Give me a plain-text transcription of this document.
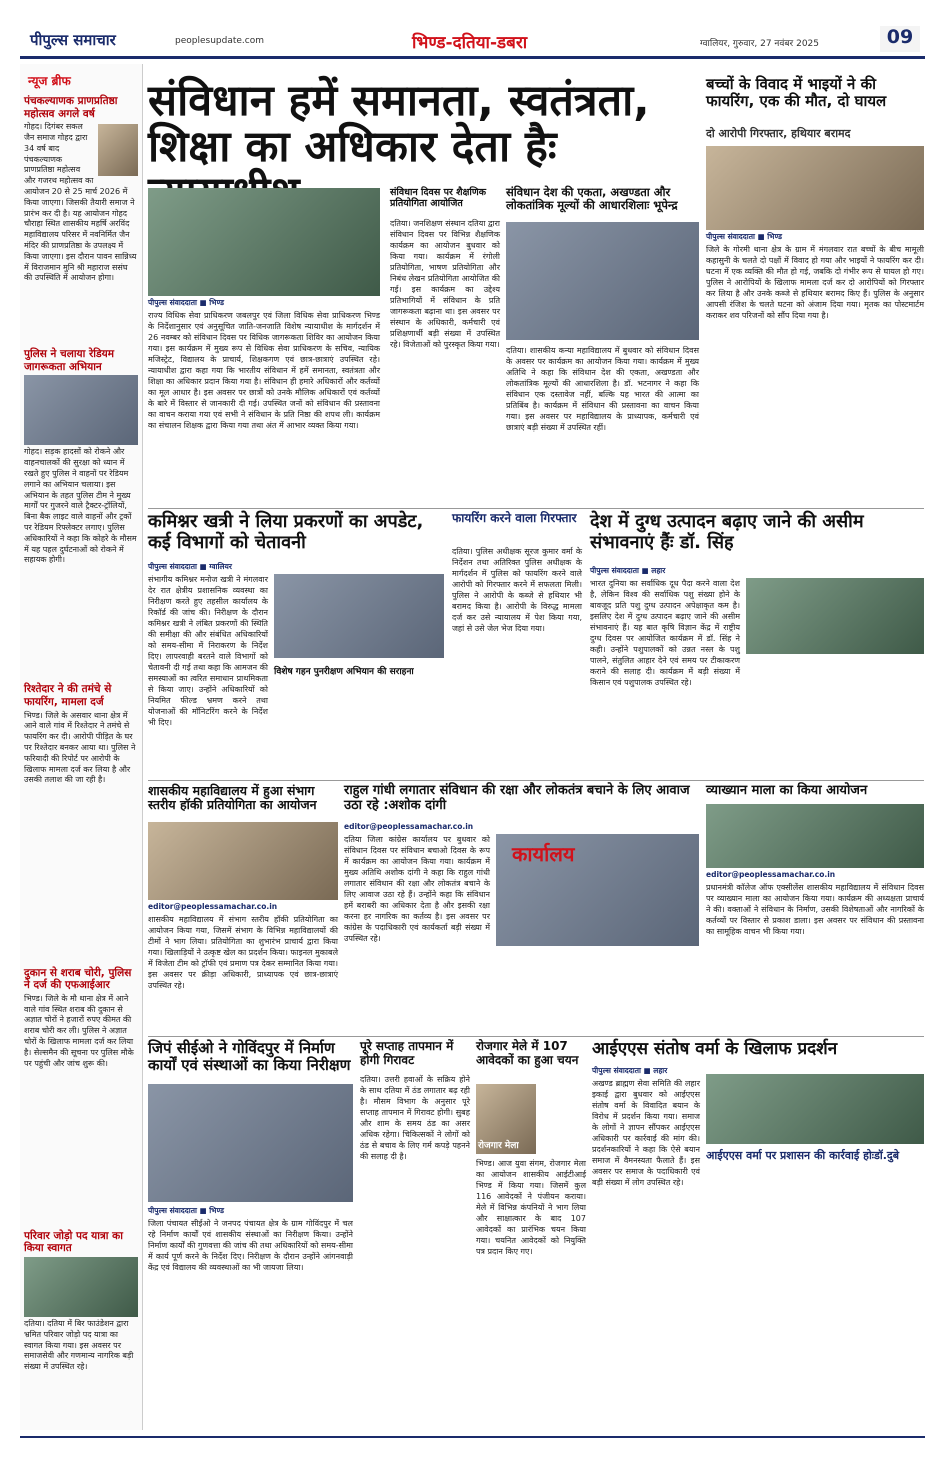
पीपुल्स समाचार	peoplesupdate.com	भिण्ड-दतिया-डबरा	ग्वालियर, गुरुवार, 27 नवंबर 2025	09
न्यूज ब्रीफ
पंचकल्याणक प्राणप्रतिष्ठा महोत्सव अगले वर्ष
गोहद। दिगंबर सकल जैन समाज गोहद द्वारा 34 वर्ष बाद पंचकल्याणक प्राणप्रतिष्ठा महोत्सव और गजरथ महोत्सव का आयोजन 20 से 25 मार्च 2026 में किया जाएगा। जिसकी तैयारी समाज ने प्रारंभ कर दी है। यह आयोजन गोहद चौराहा स्थित शासकीय महर्षि अरविंद महाविद्यालय परिसर में नवनिर्मित जैन मंदिर की प्राणप्रतिष्ठा के उपलक्ष्य में किया जाएगा। इस दौरान पावन सान्निध्य में विराजमान मुनि श्री महाराज ससंघ की उपस्थिति में आयोजन होगा।
पुलिस ने चलाया रेडियम जागरूकता अभियान
गोहद। सड़क हादसों को रोकने और वाहनचालकों की सुरक्षा को ध्यान में रखते हुए पुलिस ने वाहनों पर रेडियम लगाने का अभियान चलाया। इस अभियान के तहत पुलिस टीम ने मुख्य मार्गों पर गुजरने वाले ट्रैक्टर-ट्रॉलियों, बिना बैक लाइट वाले वाहनों और ट्रकों पर रेडियम रिफ्लेक्टर लगाए। पुलिस अधिकारियों ने कहा कि कोहरे के मौसम में यह पहल दुर्घटनाओं को रोकने में सहायक होगी।
रिश्तेदार ने की तमंचे से फायरिंग, मामला दर्ज
भिण्ड। जिले के असवार थाना क्षेत्र में आने वाले गांव में रिश्तेदार ने तमंचे से फायरिंग कर दी। आरोपी पीड़ित के घर पर रिश्तेदार बनकर आया था। पुलिस ने फरियादी की रिपोर्ट पर आरोपी के खिलाफ मामला दर्ज कर लिया है और उसकी तलाश की जा रही है।
दुकान से शराब चोरी, पुलिस ने दर्ज की एफआईआर
भिण्ड। जिले के मौ थाना क्षेत्र में आने वाले गांव स्थित शराब की दुकान से अज्ञात चोरों ने हजारों रुपए कीमत की शराब चोरी कर ली। पुलिस ने अज्ञात चोरों के खिलाफ मामला दर्ज कर लिया है। सेल्समैन की सूचना पर पुलिस मौके पर पहुंची और जांच शुरू की।
परिवार जोड़ो पद यात्रा का किया स्वागत
दतिया। दतिया में बिर फाउंडेशन द्वारा भ्रमित परिवार जोड़ो पद यात्रा का स्वागत किया गया। इस अवसर पर समाजसेवी और गणमान्य नागरिक बड़ी संख्या में उपस्थित रहे।
संविधान हमें समानता, स्वतंत्रता, शिक्षा का अधिकार देता हैः
पीपुल्स संवाददाता ■ भिण्ड
राज्य विधिक सेवा प्राधिकरण जबलपुर एवं जिला विधिक सेवा प्राधिकरण भिण्ड के निर्देशानुसार एवं अनुसूचित जाति-जनजाति विशेष न्यायाधीश के मार्गदर्शन में 26 नवम्बर को संविधान दिवस पर विधिक जागरूकता शिविर का आयोजन किया गया। इस कार्यक्रम में मुख्य रूप से विधिक सेवा प्राधिकरण के सचिव, न्यायिक मजिस्ट्रेट, विद्यालय के प्राचार्य, शिक्षकगण एवं छात्र-छात्राएं उपस्थित रहे। न्यायाधीश द्वारा कहा गया कि भारतीय संविधान में हमें समानता, स्वतंत्रता और शिक्षा का अधिकार प्रदान किया गया है। संविधान ही हमारे अधिकारों और कर्तव्यों का मूल आधार है। इस अवसर पर छात्रों को उनके मौलिक अधिकारों एवं कर्तव्यों के बारे में विस्तार से जानकारी दी गई। उपस्थित जनों को संविधान की प्रस्तावना का वाचन कराया गया एवं सभी ने संविधान के प्रति निष्ठा की शपथ ली। कार्यक्रम का संचालन शिक्षक द्वारा किया गया तथा अंत में आभार व्यक्त किया गया।
संविधान दिवस पर शैक्षणिक प्रतियोगिता आयोजित
दतिया। जनशिक्षण संस्थान दतिया द्वारा संविधान दिवस पर विभिन्न शैक्षणिक कार्यक्रम का आयोजन बुधवार को किया गया। कार्यक्रम में रंगोली प्रतियोगिता, भाषण प्रतियोगिता और निबंध लेखन प्रतियोगिता आयोजित की गई। इस कार्यक्रम का उद्देश्य प्रतिभागियों में संविधान के प्रति जागरूकता बढ़ाना था। इस अवसर पर संस्थान के अधिकारी, कर्मचारी एवं प्रशिक्षणार्थी बड़ी संख्या में उपस्थित रहे। विजेताओं को पुरस्कृत किया गया।
संविधान देश की एकता, अखण्डता और लोकतांत्रिक मूल्यों की आधारशिलाः भूपेन्द्र
दतिया। शासकीय कन्या महाविद्यालय में बुधवार को संविधान दिवस के अवसर पर कार्यक्रम का आयोजन किया गया। कार्यक्रम में मुख्य अतिथि ने कहा कि संविधान देश की एकता, अखण्डता और लोकतांत्रिक मूल्यों की आधारशिला है। डॉ. भटनागर ने कहा कि संविधान एक दस्तावेज नहीं, बल्कि यह भारत की आत्मा का प्रतिबिंब है। कार्यक्रम में संविधान की प्रस्तावना का वाचन किया गया। इस अवसर पर महाविद्यालय के प्राध्यापक, कर्मचारी एवं छात्राएं बड़ी संख्या में उपस्थित रहीं।
बच्चों के विवाद में भाइयों ने की फायरिंग, एक की मौत, दो घायल
दो आरोपी गिरफ्तार, हथियार बरामद
पीपुल्स संवाददाता ■ भिण्ड
जिले के गोरमी थाना क्षेत्र के ग्राम में मंगलवार रात बच्चों के बीच मामूली कहासुनी के चलते दो पक्षों में विवाद हो गया और भाइयों ने फायरिंग कर दी। घटना में एक व्यक्ति की मौत हो गई, जबकि दो गंभीर रूप से घायल हो गए। पुलिस ने आरोपियों के खिलाफ मामला दर्ज कर दो आरोपियों को गिरफ्तार कर लिया है और उनके कब्जे से हथियार बरामद किए हैं। पुलिस के अनुसार आपसी रंजिश के चलते घटना को अंजाम दिया गया। मृतक का पोस्टमार्टम कराकर शव परिजनों को सौंप दिया गया है।
कमिश्नर खत्री ने लिया प्रकरणों का अपडेट, कई विभागों को चेतावनी
पीपुल्स संवाददाता ■ ग्वालियर
संभागीय कमिश्नर मनोज खत्री ने मंगलवार देर रात क्षेत्रीय प्रशासनिक व्यवस्था का निरीक्षण करते हुए तहसील कार्यालय के रिकॉर्ड की जांच की। निरीक्षण के दौरान कमिश्नर खत्री ने लंबित प्रकरणों की स्थिति की समीक्षा की और संबंधित अधिकारियों को समय-सीमा में निराकरण के निर्देश दिए। लापरवाही बरतने वाले विभागों को चेतावनी दी गई तथा कहा कि आमजन की समस्याओं का त्वरित समाधान प्राथमिकता से किया जाए। उन्होंने अधिकारियों को नियमित फील्ड भ्रमण करने तथा योजनाओं की मॉनिटरिंग करने के निर्देश भी दिए।
विशेष गहन पुनरीक्षण अभियान की सराहना
फायरिंग करने वाला गिरफ्तार
दतिया। पुलिस अधीक्षक सूरज कुमार वर्मा के निर्देशन तथा अतिरिक्त पुलिस अधीक्षक के मार्गदर्शन में पुलिस को फायरिंग करने वाले आरोपी को गिरफ्तार करने में सफलता मिली। पुलिस ने आरोपी के कब्जे से हथियार भी बरामद किया है। आरोपी के विरुद्ध मामला दर्ज कर उसे न्यायालय में पेश किया गया, जहां से उसे जेल भेज दिया गया।
देश में दुग्ध उत्पादन बढ़ाए जाने की असीम संभावनाएं हैंः डॉ. सिंह
पीपुल्स संवाददाता ■ लहार
भारत दुनिया का सर्वाधिक दूध पैदा करने वाला देश है, लेकिन विश्व की सर्वाधिक पशु संख्या होने के बावजूद प्रति पशु दुग्ध उत्पादन अपेक्षाकृत कम है। इसलिए देश में दुग्ध उत्पादन बढ़ाए जाने की असीम संभावनाएं हैं। यह बात कृषि विज्ञान केंद्र में राष्ट्रीय दुग्ध दिवस पर आयोजित कार्यक्रम में डॉ. सिंह ने कही। उन्होंने पशुपालकों को उन्नत नस्ल के पशु पालने, संतुलित आहार देने एवं समय पर टीकाकरण कराने की सलाह दी। कार्यक्रम में बड़ी संख्या में किसान एवं पशुपालक उपस्थित रहे।
शासकीय महाविद्यालय में हुआ संभाग स्तरीय हॉकी प्रतियोगिता का आयोजन
editor@peoplessamachar.co.in
शासकीय महाविद्यालय में संभाग स्तरीय हॉकी प्रतियोगिता का आयोजन किया गया, जिसमें संभाग के विभिन्न महाविद्यालयों की टीमों ने भाग लिया। प्रतियोगिता का शुभारंभ प्राचार्य द्वारा किया गया। खिलाड़ियों ने उत्कृष्ट खेल का प्रदर्शन किया। फाइनल मुकाबले में विजेता टीम को ट्रॉफी एवं प्रमाण पत्र देकर सम्मानित किया गया। इस अवसर पर क्रीड़ा अधिकारी, प्राध्यापक एवं छात्र-छात्राएं उपस्थित रहे।
राहुल गांधी लगातार संविधान की रक्षा और लोकतंत्र बचाने के लिए आवाज उठा रहे :अशोक दांगी
editor@peoplessamachar.co.in
कार्यालय
दतिया जिला कांग्रेस कार्यालय पर बुधवार को संविधान दिवस पर संविधान बचाओ दिवस के रूप में कार्यक्रम का आयोजन किया गया। कार्यक्रम में मुख्य अतिथि अशोक दांगी ने कहा कि राहुल गांधी लगातार संविधान की रक्षा और लोकतंत्र बचाने के लिए आवाज उठा रहे हैं। उन्होंने कहा कि संविधान हमें बराबरी का अधिकार देता है और इसकी रक्षा करना हर नागरिक का कर्तव्य है। इस अवसर पर कांग्रेस के पदाधिकारी एवं कार्यकर्ता बड़ी संख्या में उपस्थित रहे।
व्याख्यान माला का किया आयोजन
editor@peoplessamachar.co.in
प्रधानमंत्री कॉलेज ऑफ एक्सीलेंस शासकीय महाविद्यालय में संविधान दिवस पर व्याख्यान माला का आयोजन किया गया। कार्यक्रम की अध्यक्षता प्राचार्य ने की। वक्ताओं ने संविधान के निर्माण, उसकी विशेषताओं और नागरिकों के कर्तव्यों पर विस्तार से प्रकाश डाला। इस अवसर पर संविधान की प्रस्तावना का सामूहिक वाचन भी किया गया।
जिपं सीईओ ने गोविंदपुर में निर्माण कार्यों एवं संस्थाओं का किया निरीक्षण
पीपुल्स संवाददाता ■ भिण्ड
जिला पंचायत सीईओ ने जनपद पंचायत क्षेत्र के ग्राम गोविंदपुर में चल रहे निर्माण कार्यों एवं शासकीय संस्थाओं का निरीक्षण किया। उन्होंने निर्माण कार्यों की गुणवत्ता की जांच की तथा अधिकारियों को समय-सीमा में कार्य पूर्ण करने के निर्देश दिए। निरीक्षण के दौरान उन्होंने आंगनवाड़ी केंद्र एवं विद्यालय की व्यवस्थाओं का भी जायजा लिया।
पूरे सप्ताह तापमान में होगी गिरावट
दतिया। उत्तरी हवाओं के सक्रिय होने के साथ दतिया में ठंड लगातार बढ़ रही है। मौसम विभाग के अनुसार पूरे सप्ताह तापमान में गिरावट होगी। सुबह और शाम के समय ठंड का असर अधिक रहेगा। चिकित्सकों ने लोगों को ठंड से बचाव के लिए गर्म कपड़े पहनने की सलाह दी है।
रोजगार मेले में 107 आवेदकों का हुआ चयन
रोजगार मेला
भिण्ड। आज युवा संगम, रोजगार मेला का आयोजन शासकीय आईटीआई भिण्ड में किया गया। जिसमें कुल 116 आवेदकों ने पंजीयन कराया। मेले में विभिन्न कंपनियों ने भाग लिया और साक्षात्कार के बाद 107 आवेदकों का प्रारंभिक चयन किया गया। चयनित आवेदकों को नियुक्ति पत्र प्रदान किए गए।
आईएएस संतोष वर्मा के खिलाफ प्रदर्शन
पीपुल्स संवाददाता ■ लहार
आईएएस वर्मा पर प्रशासन की कार्रवाई होःडॉ.दुबे
अखण्ड ब्राह्मण सेवा समिति की लहार इकाई द्वारा बुधवार को आईएएस संतोष वर्मा के विवादित बयान के विरोध में प्रदर्शन किया गया। समाज के लोगों ने ज्ञापन सौंपकर आईएएस अधिकारी पर कार्रवाई की मांग की। प्रदर्शनकारियों ने कहा कि ऐसे बयान समाज में वैमनस्यता फैलाते हैं। इस अवसर पर समाज के पदाधिकारी एवं बड़ी संख्या में लोग उपस्थित रहे।
